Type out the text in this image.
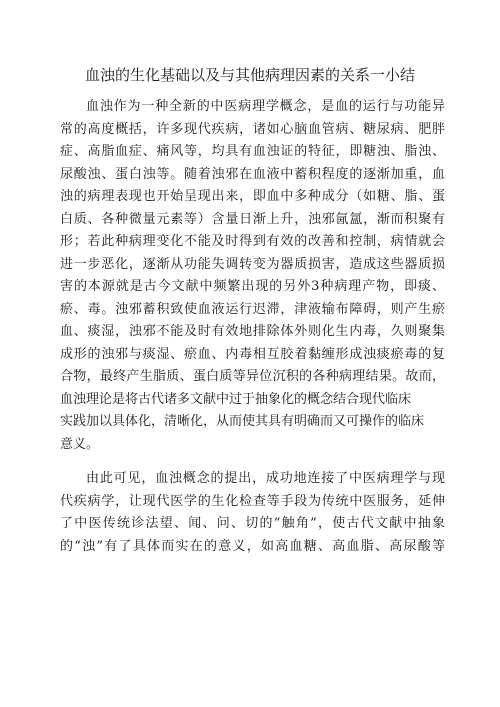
血浊的生化基础以及与其他病理因素的关系一小结
血浊作为一种全新的中医病理学概念，是血的运行与功能异
常的高度概括，许多现代疾病，诸如心脑血管病、糖尿病、肥胖
症、高脂血症、痛风等，均具有血浊证的特征，即糖浊、脂浊、
尿酸浊、蛋白浊等。随着浊邪在血液中蓄积程度的逐渐加重，血
浊的病理表现也开始呈现出来，即血中多种成分（如糖、脂、蛋
白质、各种微量元素等）含量日渐上升，浊邪氤氲，渐而积聚有
形；若此种病理变化不能及时得到有效的改善和控制，病情就会
进一步恶化，逐渐从功能失调转变为器质损害，造成这些器质损
害的本源就是古今文献中频繁出现的另外3种病理产物，即痰、
瘀、毒。浊邪蓄积致使血液运行迟滞，津液输布障碍，则产生瘀
血、痰湿，浊邪不能及时有效地排除体外则化生内毒，久则聚集
成形的浊邪与痰湿、瘀血、内毒相互胶着黏缠形成浊痰瘀毒的复
合物，最终产生脂质、蛋白质等异位沉积的各种病理结果。故而，
血浊理论是将古代诸多文献中过于抽象化的概念结合现代临床
实践加以具体化，清晰化，从而使其具有明确而又可操作的临床
意义。
由此可见，血浊概念的提出，成功地连接了中医病理学与现
代疾病学，让现代医学的生化检查等手段为传统中医服务，延伸
了中医传统诊法望、闻、问、切的“触角”，使古代文献中抽象
的“浊”有了具体而实在的意义，如高血糖、高血脂、高尿酸等
